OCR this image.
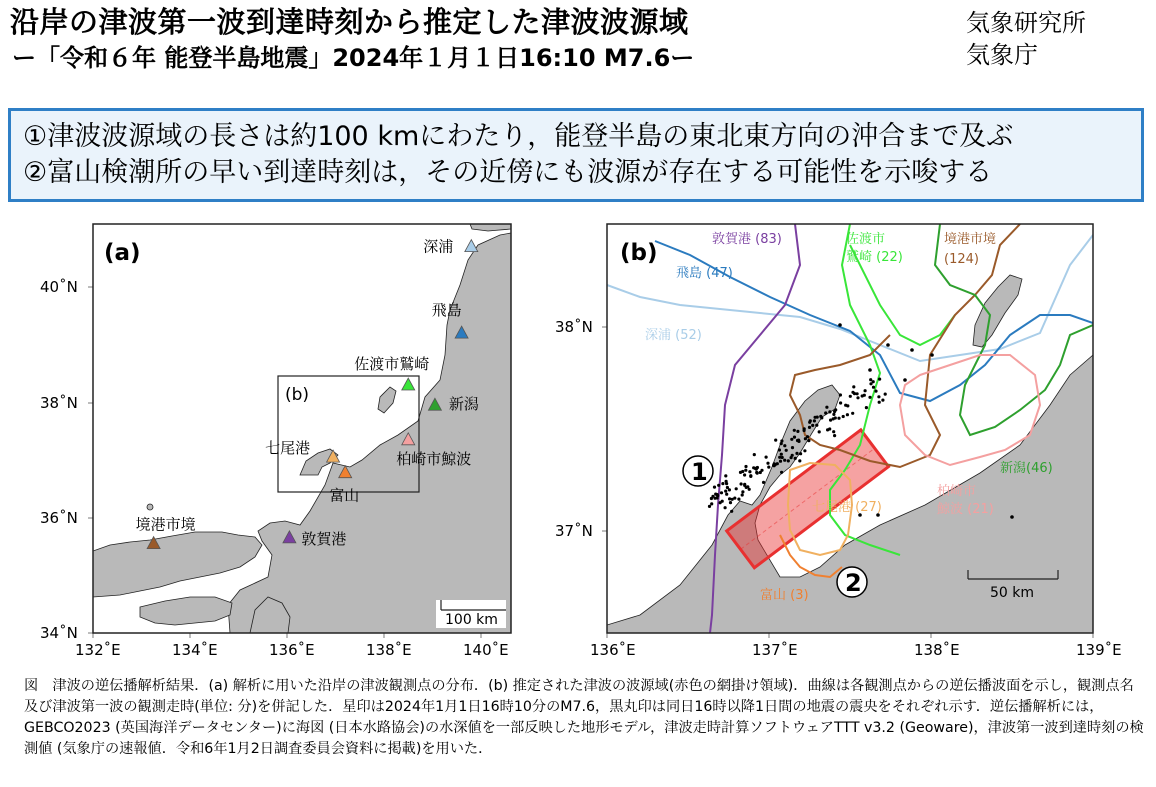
沿岸の津波第一波到達時刻から推定した津波波源域
ー「令和６年 能登半島地震」2024年１月１日16:10 M7.6ー
気象研究所
気象庁
①津波波源域の長さは約100 kmにわたり，能登半島の東北東方向の沖合まで及ぶ
②富山検潮所の早い到達時刻は，その近傍にも波源が存在する可能性を示唆する
(b)
(a)
100 km
132˚E	134˚E	136˚E	138˚E	140˚E
34˚N
36˚N
38˚N
40˚N
深浦
飛島
佐渡市鷲崎
新潟
柏崎市鯨波
七尾港
富山
敦賀港
境港市境
(b)
1
2	50 km
136˚E	137˚E	138˚E	139˚E
38˚N
37˚N
敦賀港 (83)
飛島 (47)
深浦 (52)
佐渡市
鷲崎 (22)
境港市境
(124)
新潟(46)
柏崎市
鯨波 (21)
七尾港 (27)
富山 (3)
図　津波の逆伝播解析結果．(a) 解析に用いた沿岸の津波観測点の分布．(b) 推定された津波の波源域(赤色の網掛け領域)．曲線は各観測点からの逆伝播波面を示し，観測点名及び津波第一波の観測走時(単位: 分)を併記した．星印は2024年1月1日16時10分のM7.6，黒丸印は同日16時以降1日間の地震の震央をそれぞれ示す．逆伝播解析には，GEBCO2023 (英国海洋データセンター)に海図 (日本水路協会)の水深値を一部反映した地形モデル，津波走時計算ソフトウェアTTT v3.2 (Geoware)，津波第一波到達時刻の検測値 (気象庁の速報値．令和6年1月2日調査委員会資料に掲載)を用いた．
